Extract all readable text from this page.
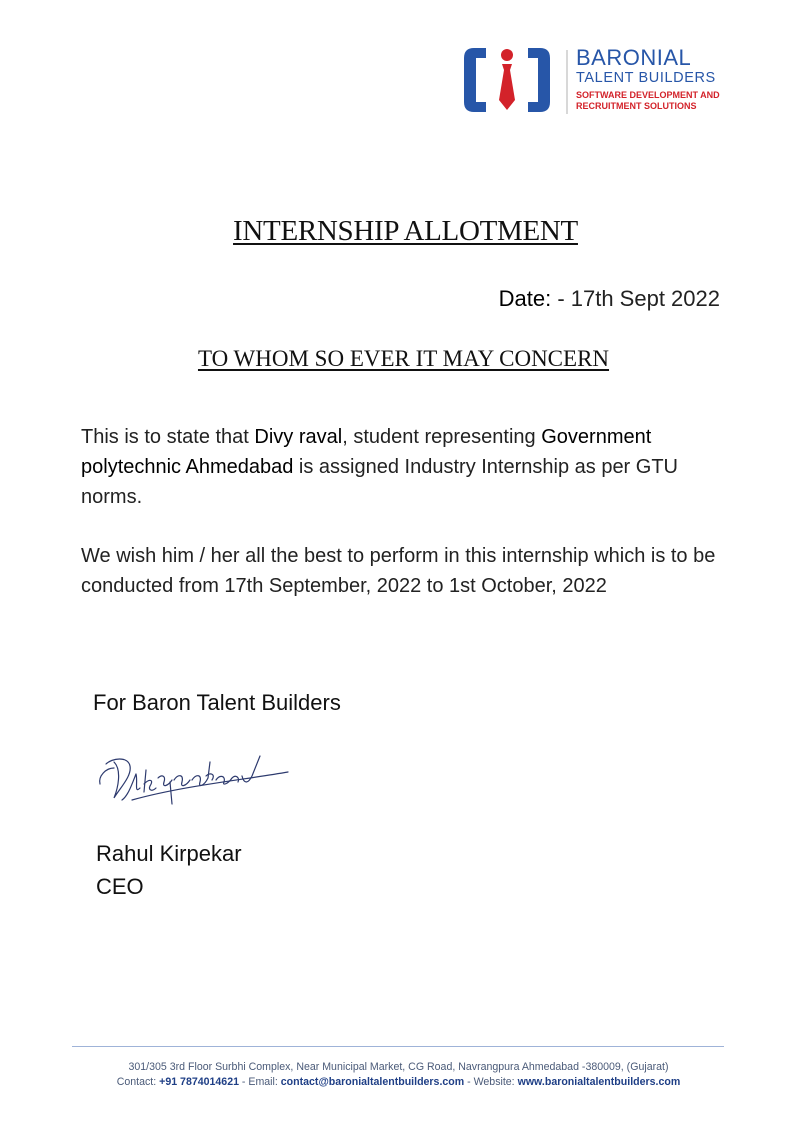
BARONIAL
TALENT BUILDERS
SOFTWARE DEVELOPMENT AND
RECRUITMENT SOLUTIONS
INTERNSHIP ALLOTMENT
Date: - 17th Sept 2022
TO WHOM SO EVER IT MAY CONCERN
This is to state that Divy raval, student representing Government polytechnic Ahmedabad is assigned Industry Internship as per GTU norms.
We wish him / her all the best to perform in this internship which is to be conducted from 17th September, 2022 to 1st October, 2022
For Baron Talent Builders
Rahul Kirpekar
CEO
301/305 3rd Floor Surbhi Complex, Near Municipal Market, CG Road, Navrangpura Ahmedabad -380009, (Gujarat)
Contact: +91 7874014621 - Email: contact@baronialtalentbuilders.com - Website: www.baronialtalentbuilders.com
